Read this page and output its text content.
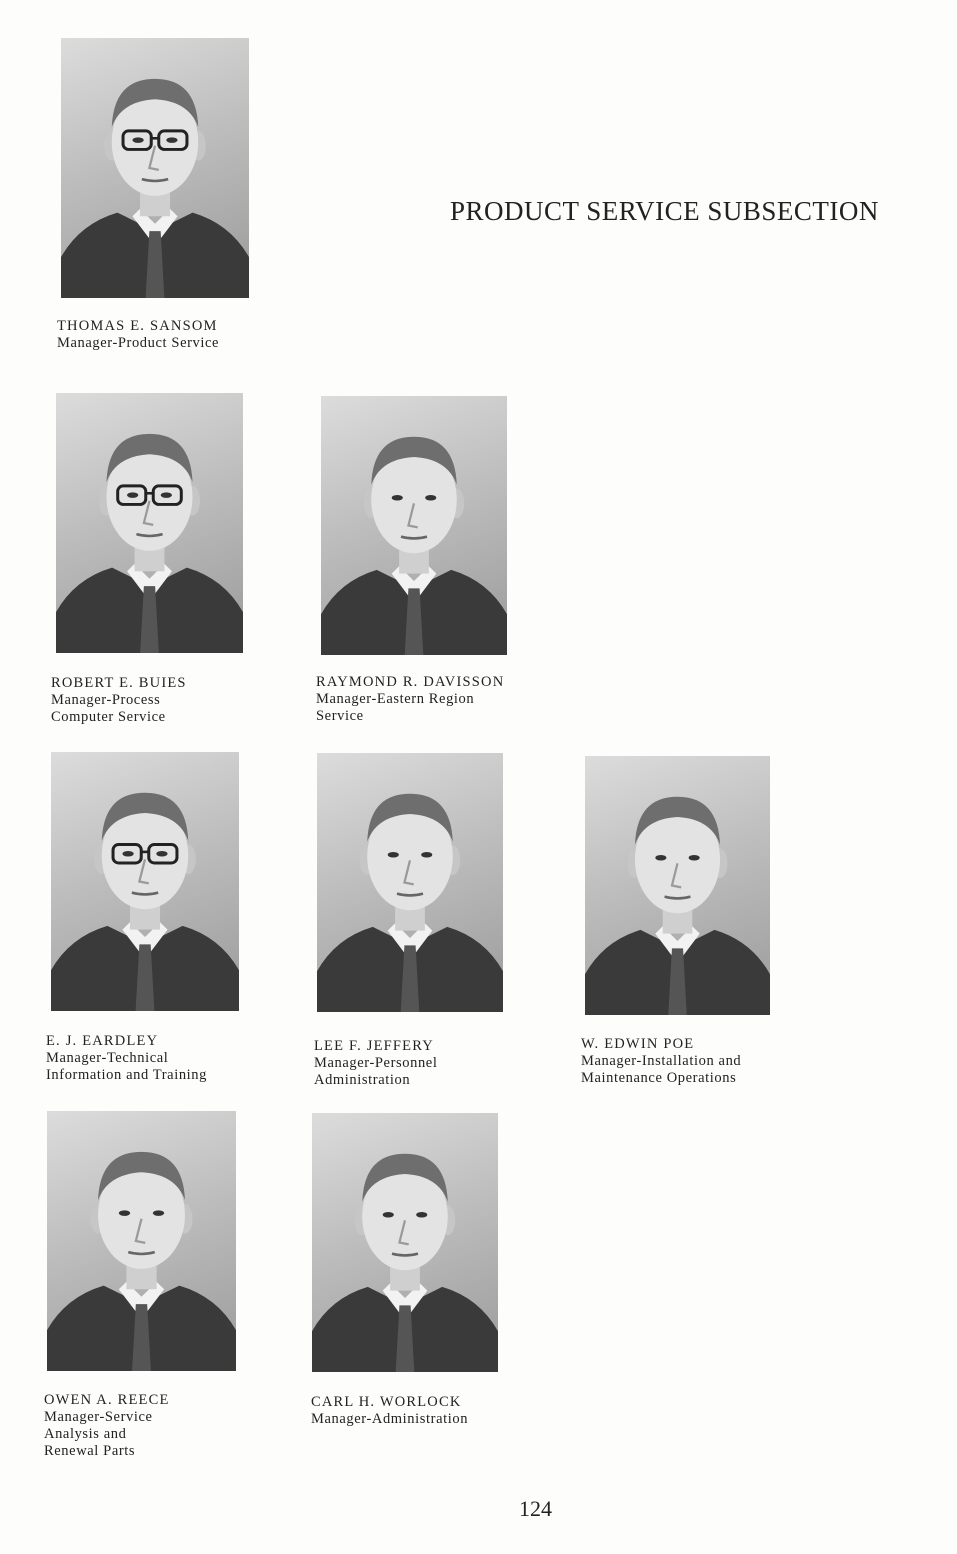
PRODUCT SERVICE SUBSECTION
THOMAS E. SANSOM
Manager-Product Service
ROBERT E. BUIES
Manager-Process
Computer Service
RAYMOND R. DAVISSON
Manager-Eastern Region
Service
E. J. EARDLEY
Manager-Technical
Information and Training
LEE F. JEFFERY
Manager-Personnel
Administration
W. EDWIN POE
Manager-Installation and
Maintenance Operations
OWEN A. REECE
Manager-Service
Analysis and
Renewal Parts
CARL H. WORLOCK
Manager-Administration
124
